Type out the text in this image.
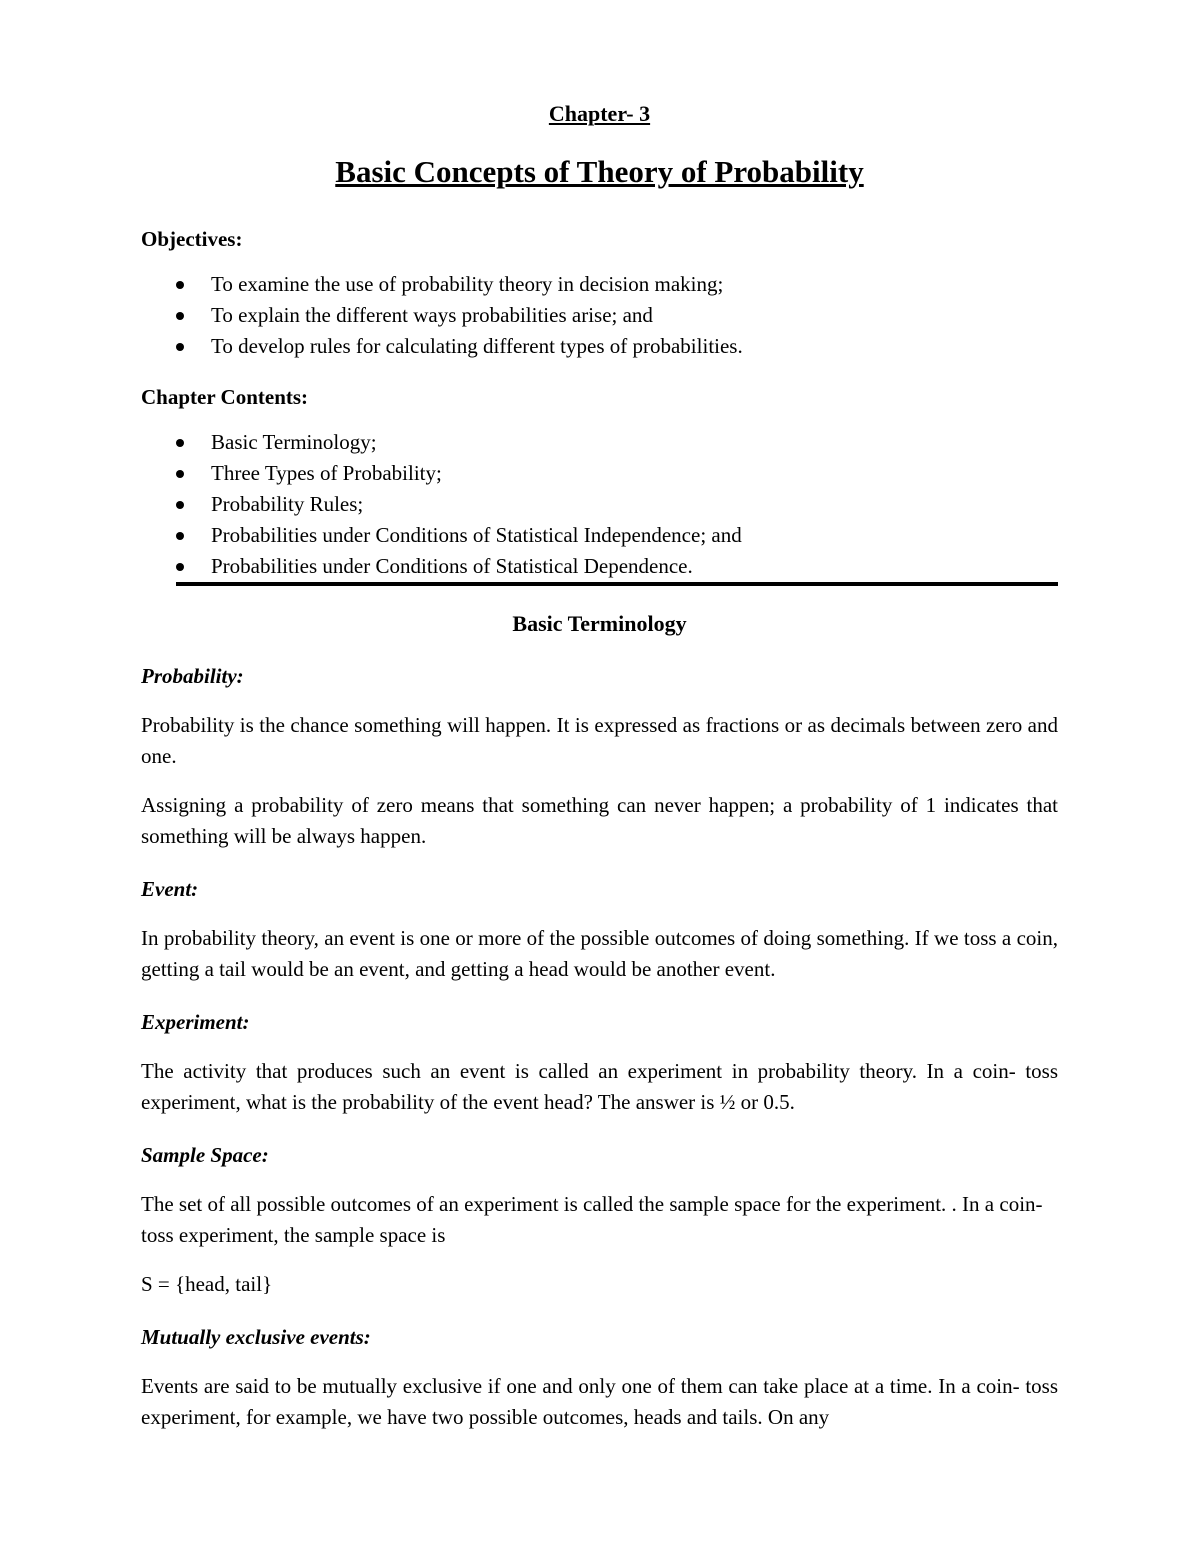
Chapter- 3
Basic Concepts of Theory of Probability
Objectives:
To examine the use of probability theory in decision making;
To explain the different ways probabilities arise; and
To develop rules for calculating different types of probabilities.
Chapter Contents:
Basic Terminology;
Three Types of Probability;
Probability Rules;
Probabilities under Conditions of Statistical Independence; and
Probabilities under Conditions of Statistical Dependence.
Basic Terminology
Probability:

Probability is the chance something will happen. It is expressed as fractions or as decimals between zero and one.

Assigning a probability of zero means that something can never happen; a probability of 1 indicates that something will be always happen.

Event:

In probability theory, an event is one or more of the possible outcomes of doing something. If we toss a coin, getting a tail would be an event, and getting a head would be another event.

Experiment:

The activity that produces such an event is called an experiment in probability theory. In a coin- toss experiment, what is the probability of the event head? The answer is ½ or 0.5.

Sample Space:

The set of all possible outcomes of an experiment is called the sample space for the experiment. . In a coin- toss experiment, the sample space is

S = {head, tail}

Mutually exclusive events:

Events are said to be mutually exclusive if one and only one of them can take place at a time. In a coin- toss experiment, for example, we have two possible outcomes, heads and tails. On any
